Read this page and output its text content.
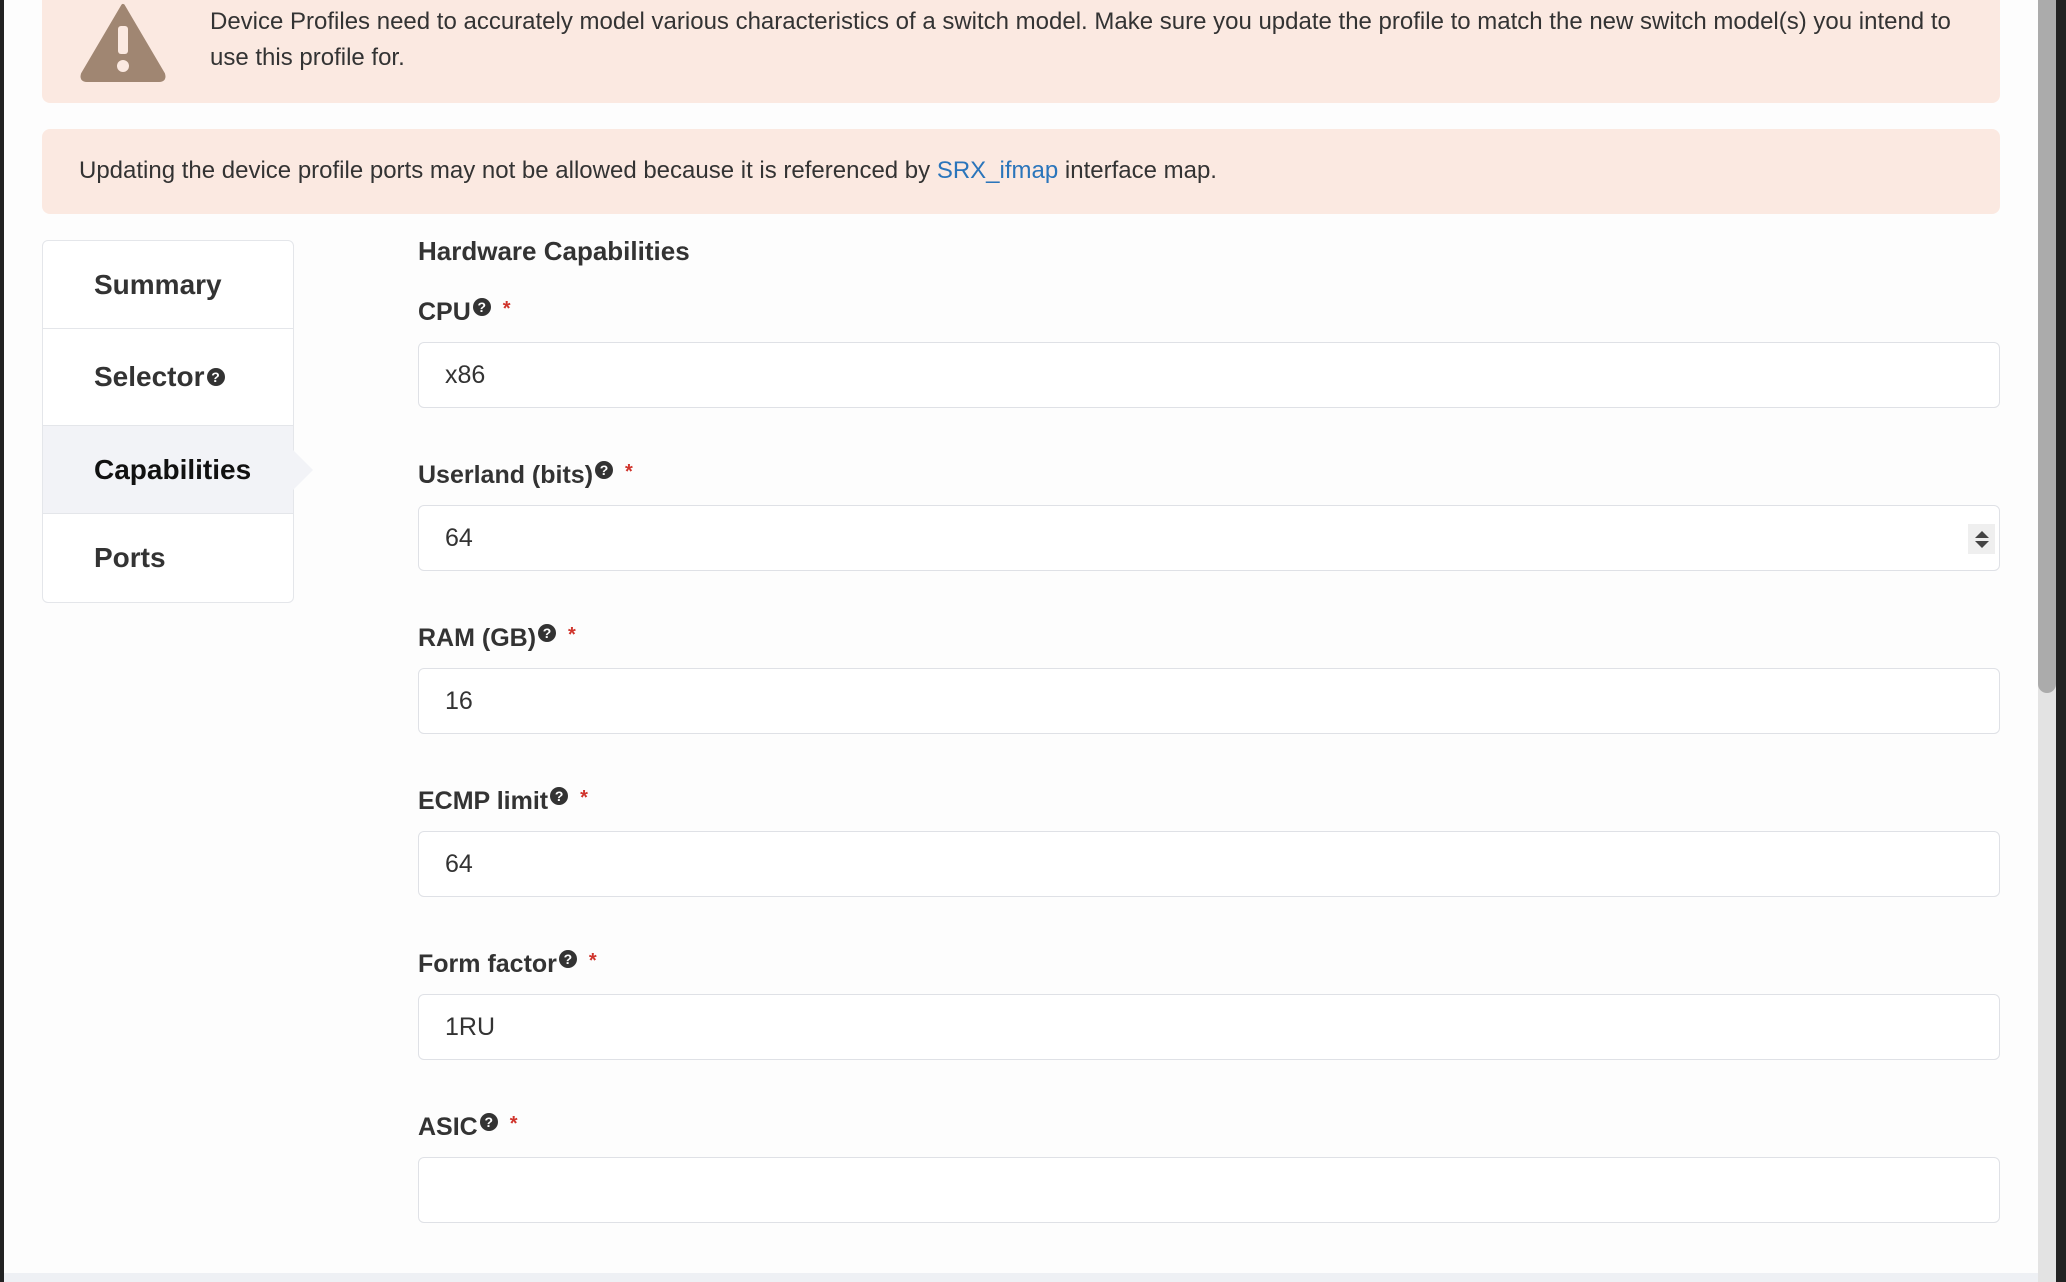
Device Profiles need to accurately model various characteristics of a switch model. Make sure you update the profile to match the new switch model(s) you intend to use this profile for.
Updating the device profile ports may not be allowed because it is referenced by SRX_ifmap interface map.
Summary
Selector ?
Capabilities
Ports
Hardware Capabilities
CPU ? *
x86
Userland (bits) ? *
64
RAM (GB) ? *
16
ECMP limit ? *
64
Form factor ? *
1RU
ASIC ? *
